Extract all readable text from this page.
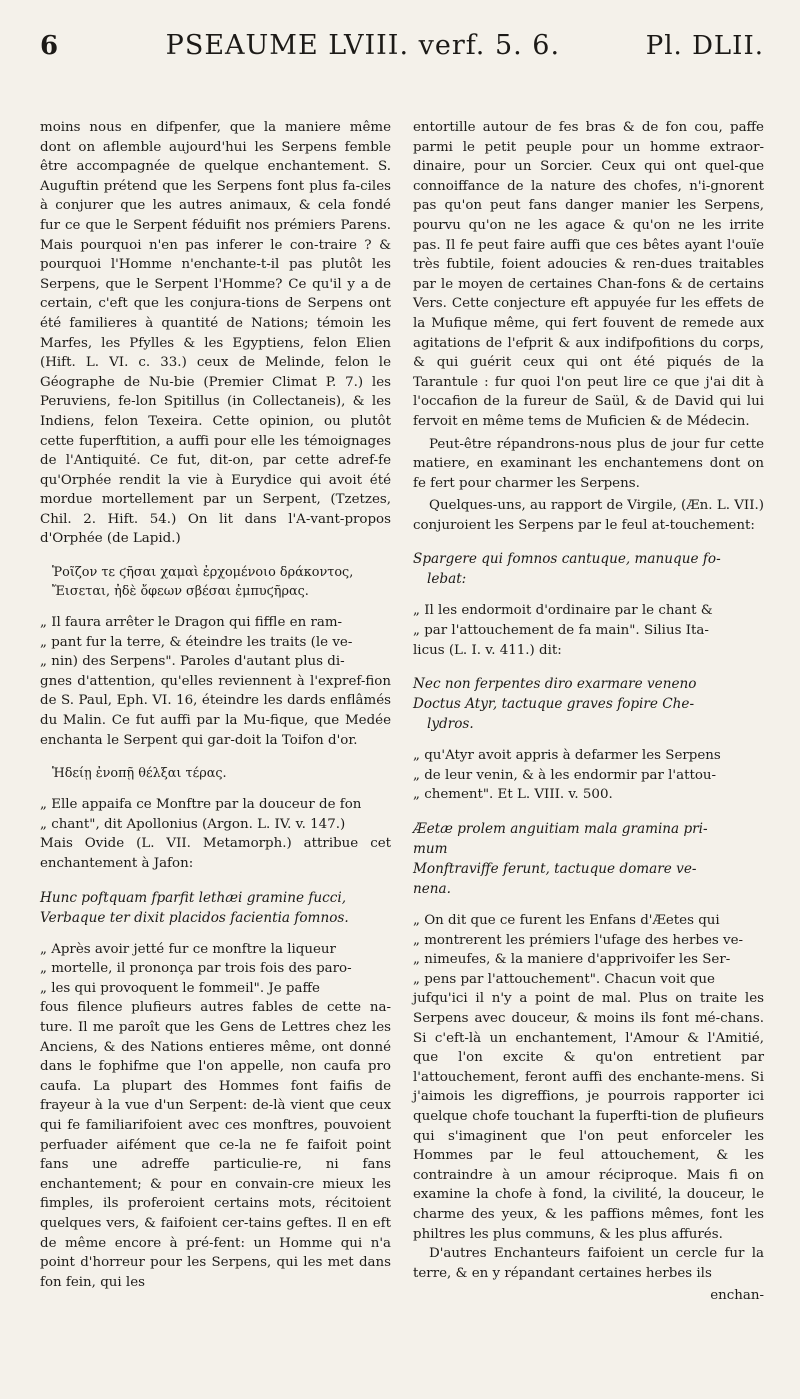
6	PSEAUME LVIII. verf. 5. 6.	Pl. DLII.

moins nous en difpenfer, que la maniere même dont on aflemble aujourd'hui les Serpens femble être accompagnée de quelque enchantement. S. Auguftin prétend que les Serpens font plus fa-ciles à conjurer que les autres animaux, & cela fondé fur ce que le Serpent féduifit nos prémiers Parens. Mais pourquoi n'en pas inferer le con-traire ? & pourquoi l'Homme n'enchante-t-il pas plutôt les Serpens, que le Serpent l'Homme? Ce qu'il y a de certain, c'eft que les conjura-tions de Serpens ont été familieres à quantité de Nations; témoin les Marfes, les Pfylles & les Egyptiens, felon Elien (Hift. L. VI. c. 33.) ceux de Melinde, felon le Géographe de Nu-bie (Premier Climat P. 7.) les Peruviens, fe-lon Spitillus (in Collectaneis), & les Indiens, felon Texeira. Cette opinion, ou plutôt cette fuperftition, a auffi pour elle les témoignages de l'Antiquité. Ce fut, dit-on, par cette adref-fe qu'Orphée rendit la vie à Eurydice qui avoit été mordue mortellement par un Serpent, (Tzetzes, Chil. 2. Hift. 54.) On lit dans l'A-vant-propos d'Orphée (de Lapid.)

Ῥοῖζον τε ϛῆσαι χαμαὶ ἐρχομένοιο δράκοντος,
Ἔισεται, ἠδὲ ὄφεων σβέσαι ἐμπυϛῆρας.
„ Il faura arrêter le Dragon qui fiffle en ram-
„ pant fur la terre, & éteindre les traits (le ve-
„ nin) des Serpens". Paroles d'autant plus di-
gnes d'attention, qu'elles reviennent à l'expref-fion de S. Paul, Eph. VI. 16, éteindre les dards enflâmés du Malin. Ce fut auffi par la Mu-fique, que Medée enchanta le Serpent qui gar-doit la Toifon d'or.
Ἡδείῃ ἐνοπῇ θέλξαι τέρας.
„ Elle appaifa ce Monftre par la douceur de fon
„ chant", dit Apollonius (Argon. L. IV. v. 147.)
Mais Ovide (L. VII. Metamorph.) attribue cet enchantement à Jafon:
Hunc poftquam fparfit lethæi gramine fucci,
Verbaque ter dixit placidos facientia fomnos.
„ Après avoir jetté fur ce monftre la liqueur
„ mortelle, il prononça par trois fois des paro-
„ les qui provoquent le fommeil". Je paffe
fous filence plufieurs autres fables de cette na-ture. Il me paroît que les Gens de Lettres chez les Anciens, & des Nations entieres même, ont donné dans le fophifme que l'on appelle, non caufa pro caufa. La plupart des Hommes font faifis de frayeur à la vue d'un Serpent: de-là vient que ceux qui fe familiarifoient avec ces monftres, pouvoient perfuader aifément que ce-la ne fe faifoit point fans une adreffe particulie-re, ni fans enchantement; & pour en convain-cre mieux les fimples, ils proferoient certains mots, récitoient quelques vers, & faifoient cer-tains geftes. Il en eft de même encore à pré-fent: un Homme qui n'a point d'horreur pour les Serpens, qui les met dans fon fein, qui les

entortille autour de fes bras & de fon cou, paffe parmi le petit peuple pour un homme extraor-dinaire, pour un Sorcier. Ceux qui ont quel-que connoiffance de la nature des chofes, n'i-gnorent pas qu'on peut fans danger manier les Serpens, pourvu qu'on ne les agace & qu'on ne les irrite pas. Il fe peut faire auffi que ces bêtes ayant l'ouïe très fubtile, foient adoucies & ren-dues traitables par le moyen de certaines Chan-fons & de certains Vers. Cette conjecture eft appuyée fur les effets de la Mufique même, qui fert fouvent de remede aux agitations de l'efprit & aux indifpofitions du corps, & qui guérit ceux qui ont été piqués de la Tarantule : fur quoi l'on peut lire ce que j'ai dit à l'occafion de la fureur de Saül, & de David qui lui fervoit en même tems de Muficien & de Médecin.

Peut-être répandrons-nous plus de jour fur cette matiere, en examinant les enchantemens dont on fe fert pour charmer les Serpens.

Quelques-uns, au rapport de Virgile, (Æn. L. VII.) conjuroient les Serpens par le feul at-touchement:

Spargere qui fomnos cantuque, manuque fo-
lebat:
„ Il les endormoit d'ordinaire par le chant &
„ par l'attouchement de fa main". Silius Ita-
licus (L. I. v. 411.) dit:
Nec non ferpentes diro exarmare veneno
Doctus Atyr, tactuque graves fopire Che-
lydros.
„ qu'Atyr avoit appris à defarmer les Serpens
„ de leur venin, & à les endormir par l'attou-
„ chement". Et L. VIII. v. 500.
Æetæ prolem anguitiam mala gramina pri-
mum
Monftraviffe ferunt, tactuque domare ve-
nena.
„ On dit que ce furent les Enfans d'Æetes qui
„ montrerent les prémiers l'ufage des herbes ve-
„ nimeufes, & la maniere d'apprivoifer les Ser-
„ pens par l'attouchement". Chacun voit que
jufqu'ici il n'y a point de mal. Plus on traite les Serpens avec douceur, & moins ils font mé-chans. Si c'eft-là un enchantement, l'Amour & l'Amitié, que l'on excite & qu'on entretient par l'attouchement, feront auffi des enchante-mens. Si j'aimois les digreffions, je pourrois rapporter ici quelque chofe touchant la fuperfti-tion de plufieurs qui s'imaginent que l'on peut enforceler les Hommes par le feul attouchement, & les contraindre à un amour réciproque. Mais fi on examine la chofe à fond, la civilité, la douceur, le charme des yeux, & les paffions mêmes, font les philtres les plus communs, & les plus affurés.

D'autres Enchanteurs faifoient un cercle fur la terre, & en y répandant certaines herbes ils

enchan-
